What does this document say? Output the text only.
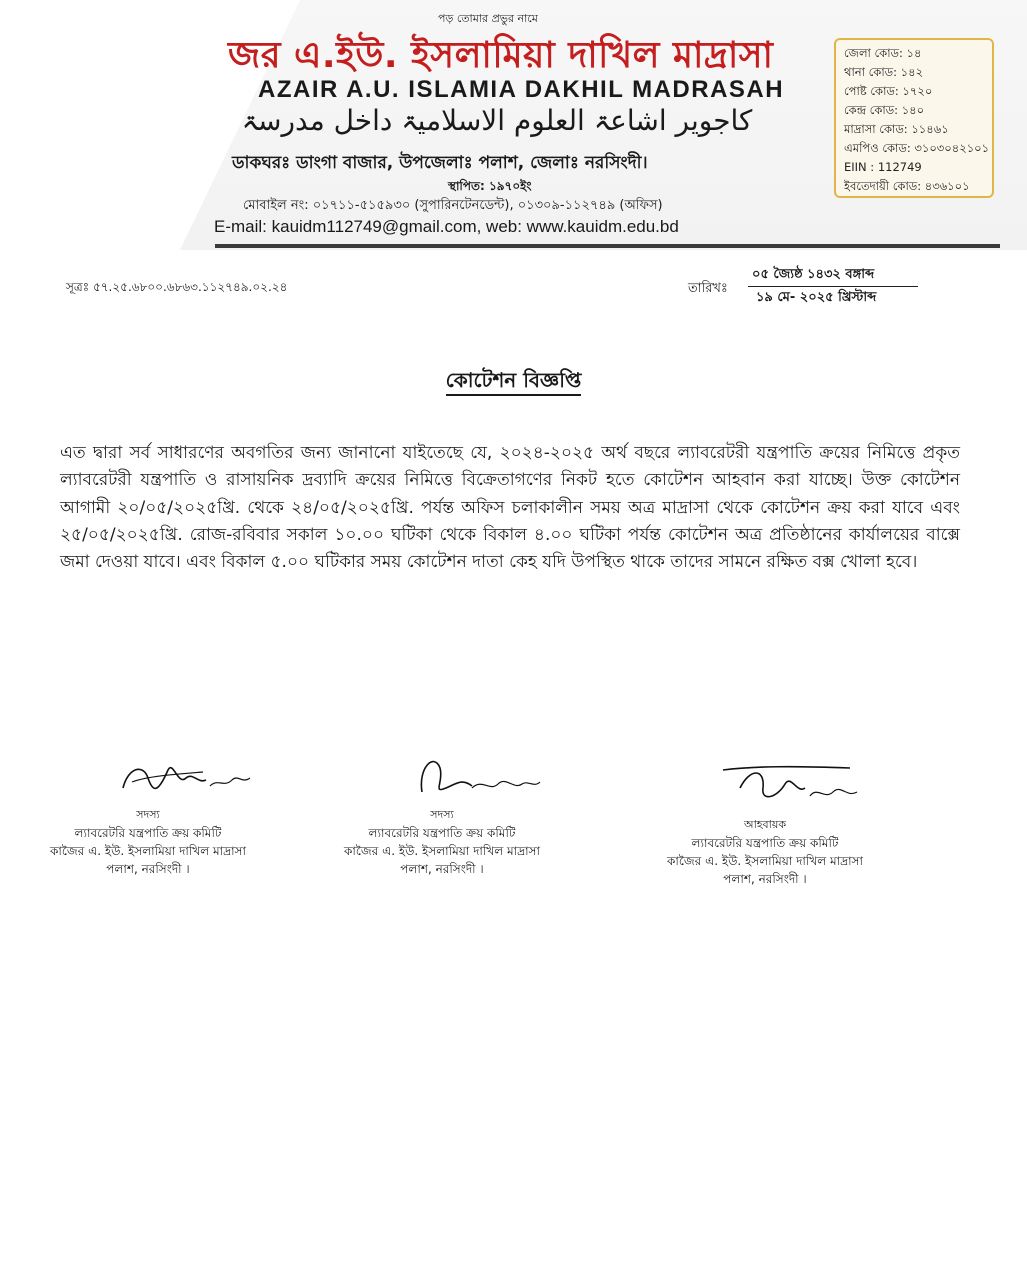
পড় তোমার প্রভুর নামে
জর এ.ইউ. ইসলামিয়া দাখিল মাদ্রাসা
AZAIR A.U. ISLAMIA DAKHIL MADRASAH
کاجویر اشاعۃ العلوم الاسلامیۃ داخل مدرسۃ
ডাকঘরঃ ডাংগা বাজার, উপজেলাঃ পলাশ, জেলাঃ নরসিংদী।
স্থাপিত: ১৯৭০ইং
মোবাইল নং: ০১৭১১-৫১৫৯৩০ (সুপারিনটেনডেন্ট), ০১৩০৯-১১২৭৪৯ (অফিস)
E-mail: kauidm112749@gmail.com, web: www.kauidm.edu.bd
জেলা কোড: ১৪
থানা কোড: ১৪২
পোষ্ট কোড: ১৭২০
কেন্দ্র কোড: ১৪০
মাদ্রাসা কোড: ১১৪৬১
এমপিও কোড: ৩১০৩০৪২১০১
EIIN : 112749
ইবতেদায়ী কোড: ৪৩৬১০১
সূত্রঃ ৫৭.২৫.৬৮০০.৬৮৬৩.১১২৭৪৯.০২.২৪	তারিখঃ
০৫ জ্যৈষ্ঠ ১৪৩২ বঙ্গাব্দ
১৯ মে- ২০২৫ খ্রিস্টাব্দ
কোটেশন বিজ্ঞপ্তি
এত দ্বারা সর্ব সাধারণের অবগতির জন্য জানানো যাইতেছে যে, ২০২৪-২০২৫ অর্থ বছরে ল্যাবরেটরী যন্ত্রপাতি ক্রয়ের নিমিত্তে প্রকৃত ল্যাবরেটরী যন্ত্রপাতি ও রাসায়নিক দ্রব্যাদি ক্রয়ের নিমিত্তে বিক্রেতাগণের নিকট হতে কোটেশন আহবান করা যাচ্ছে। উক্ত কোটেশন আগামী ২০/০৫/২০২৫খ্রি. থেকে ২৪/০৫/২০২৫খ্রি. পর্যন্ত অফিস চলাকালীন সময় অত্র মাদ্রাসা থেকে কোটেশন ক্রয় করা যাবে এবং ২৫/০৫/২০২৫খ্রি. রোজ-রবিবার সকাল ১০.০০ ঘটিকা থেকে বিকাল ৪.০০ ঘটিকা পর্যন্ত কোটেশন অত্র প্রতিষ্ঠানের কার্যালয়ের বাক্সে জমা দেওয়া যাবে। এবং বিকাল ৫.০০ ঘটিকার সময় কোটেশন দাতা কেহ যদি উপস্থিত থাকে তাদের সামনে রক্ষিত বক্স খোলা হবে।
সদস্য
ল্যাবরেটরি যন্ত্রপাতি ক্রয় কমিটি
কাজৈর এ. ইউ. ইসলামিয়া দাখিল মাদ্রাসা
পলাশ, নরসিংদী ।
সদস্য
ল্যাবরেটরি যন্ত্রপাতি ক্রয় কমিটি
কাজৈর এ. ইউ. ইসলামিয়া দাখিল মাদ্রাসা
পলাশ, নরসিংদী ।
আহবায়ক
ল্যাবরেটরি যন্ত্রপাতি ক্রয় কমিটি
কাজৈর এ. ইউ. ইসলামিয়া দাখিল মাদ্রাসা
পলাশ, নরসিংদী ।
